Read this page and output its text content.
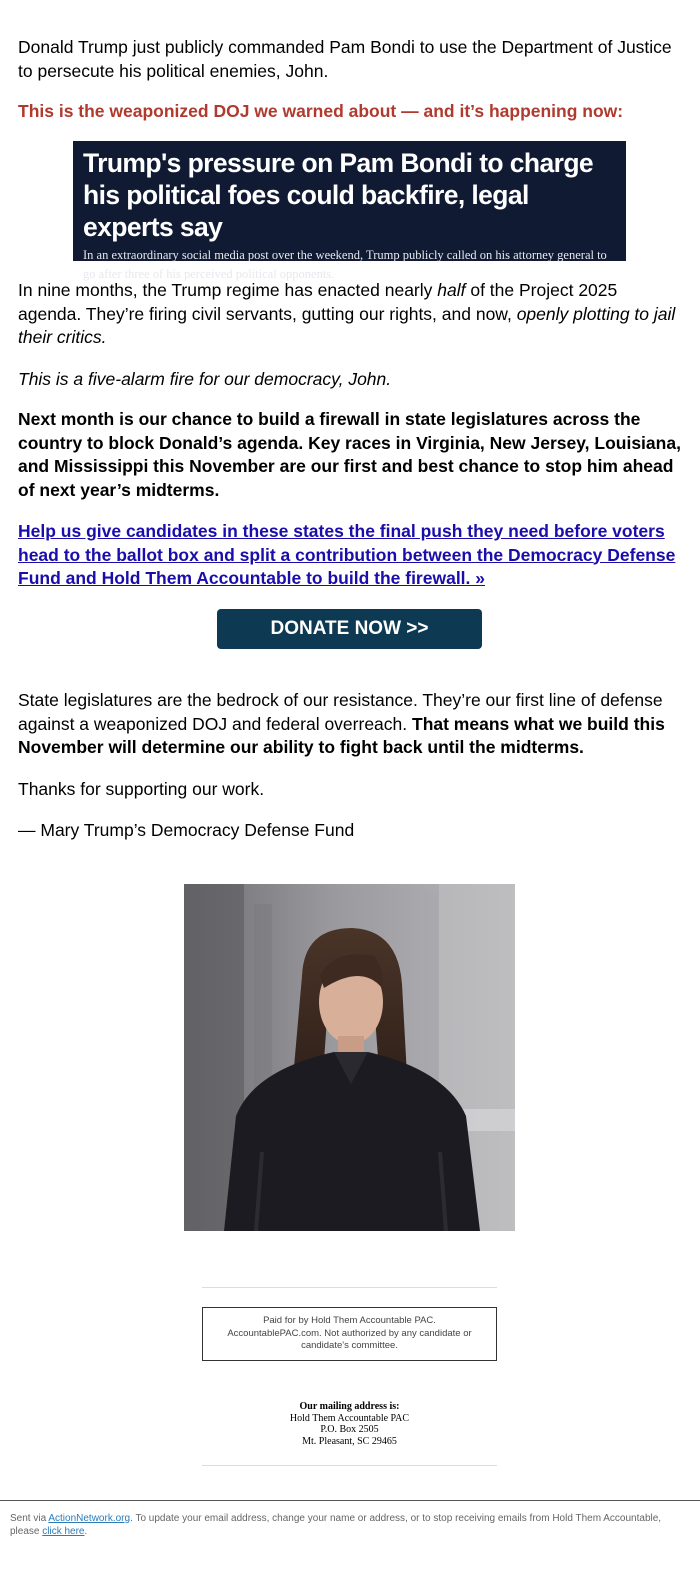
Donald Trump just publicly commanded Pam Bondi to use the Department of Justice to persecute his political enemies, John.

This is the weaponized DOJ we warned about — and it’s happening now:

Trump's pressure on Pam Bondi to charge his political foes could backfire, legal experts say
In an extraordinary social media post over the weekend, Trump publicly called on his attorney general to go after three of his perceived political opponents.

In nine months, the Trump regime has enacted nearly half of the Project 2025 agenda. They’re firing civil servants, gutting our rights, and now, openly plotting to jail their critics.

This is a five-alarm fire for our democracy, John.

Next month is our chance to build a firewall in state legislatures across the country to block Donald’s agenda. Key races in Virginia, New Jersey, Louisiana, and Mississippi this November are our first and best chance to stop him ahead of next year’s midterms.

Help us give candidates in these states the final push they need before voters head to the ballot box and split a contribution between the Democracy Defense Fund and Hold Them Accountable to build the firewall. »

DONATE NOW >>

State legislatures are the bedrock of our resistance. They’re our first line of defense against a weaponized DOJ and federal overreach. That means what we build this November will determine our ability to fight back until the midterms.

Thanks for supporting our work.

— Mary Trump’s Democracy Defense Fund

Paid for by Hold Them Accountable PAC. AccountablePAC.com. Not authorized by any candidate or candidate's committee.
Our mailing address is:
Hold Them Accountable PAC
P.O. Box 2505
Mt. Pleasant, SC 29465
Sent via ActionNetwork.org. To update your email address, change your name or address, or to stop receiving emails from Hold Them Accountable, please click here.
